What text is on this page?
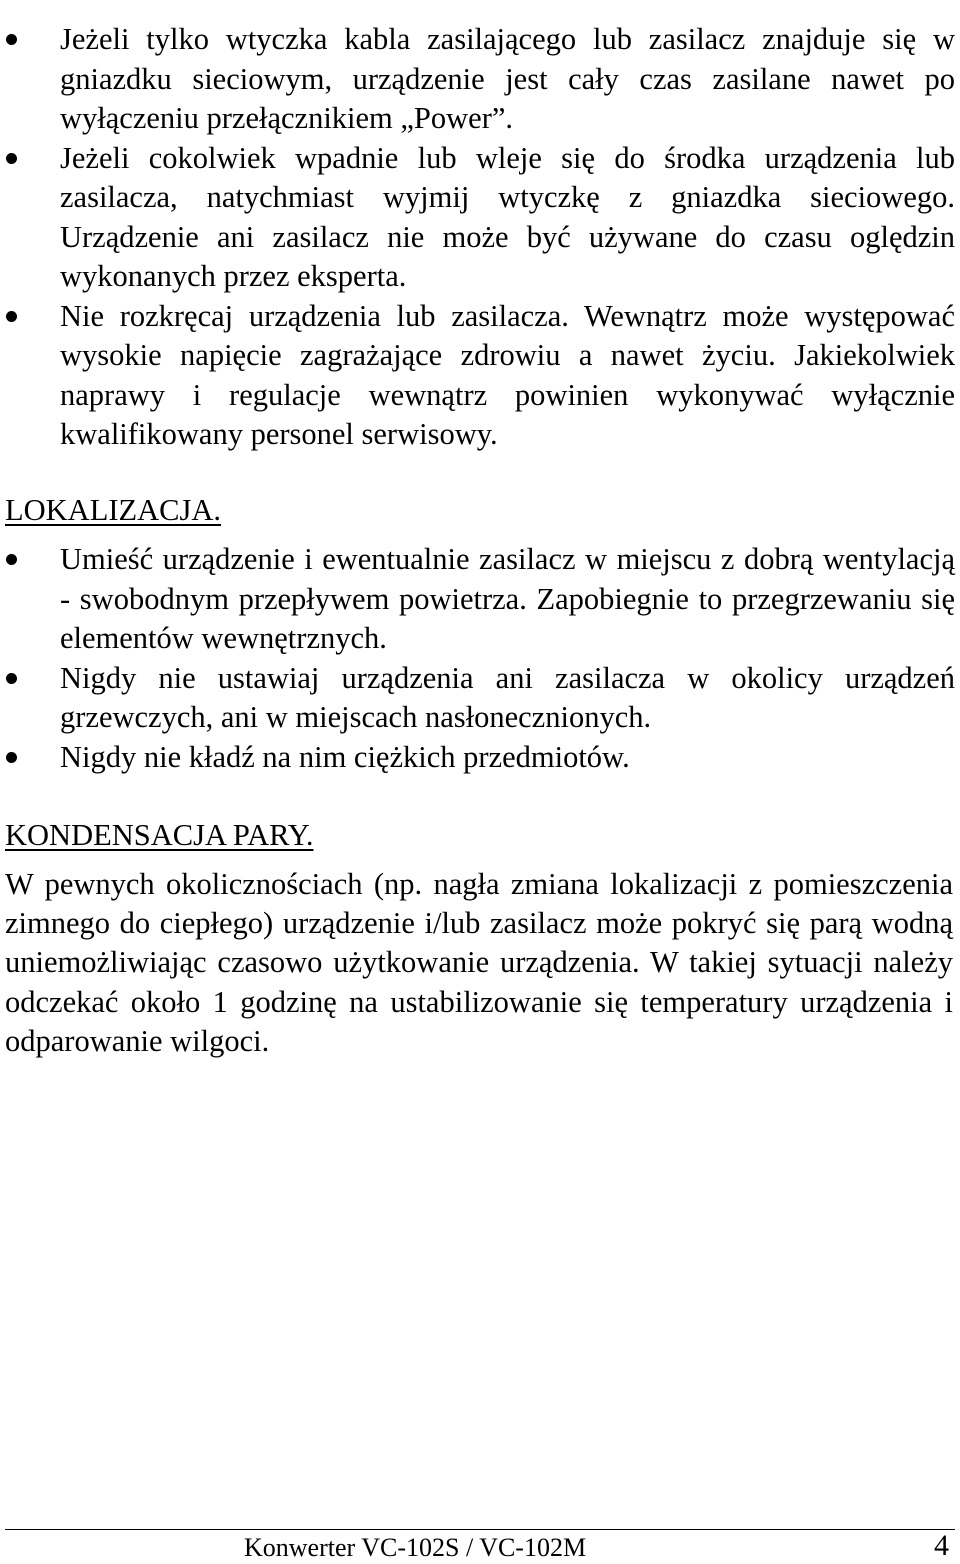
Jeżeli tylko wtyczka kabla zasilającego lub zasilacz znajduje się w gniazdku sieciowym, urządzenie jest cały czas zasilane nawet po wyłączeniu przełącznikiem „Power”.
Jeżeli cokolwiek wpadnie lub wleje się do środka urządzenia lub zasilacza, natychmiast wyjmij wtyczkę z gniazdka sieciowego. Urządzenie ani zasilacz nie może być używane do czasu oględzin wykonanych przez eksperta.
Nie rozkręcaj urządzenia lub zasilacza. Wewnątrz może występować wysokie napięcie zagrażające zdrowiu a nawet życiu. Jakiekolwiek naprawy i regulacje wewnątrz powinien wykonywać wyłącznie kwalifikowany personel serwisowy.
LOKALIZACJA.
Umieść urządzenie i ewentualnie zasilacz w miejscu z dobrą wentylacją - swobodnym przepływem powietrza. Zapobiegnie to przegrzewaniu się elementów wewnętrznych.
Nigdy nie ustawiaj urządzenia ani zasilacza w okolicy urządzeń grzewczych, ani w miejscach nasłonecznionych.
Nigdy nie kładź na nim ciężkich przedmiotów.
KONDENSACJA PARY.

W pewnych okolicznościach (np. nagła zmiana lokalizacji z pomieszczenia zimnego do ciepłego) urządzenie i/lub zasilacz może pokryć się parą wodną uniemożliwiając czasowo użytkowanie urządzenia. W takiej sytuacji należy odczekać około 1 godzinę na ustabilizowanie się temperatury urządzenia i odparowanie wilgoci.

Konwerter VC-102S / VC-102M	4
